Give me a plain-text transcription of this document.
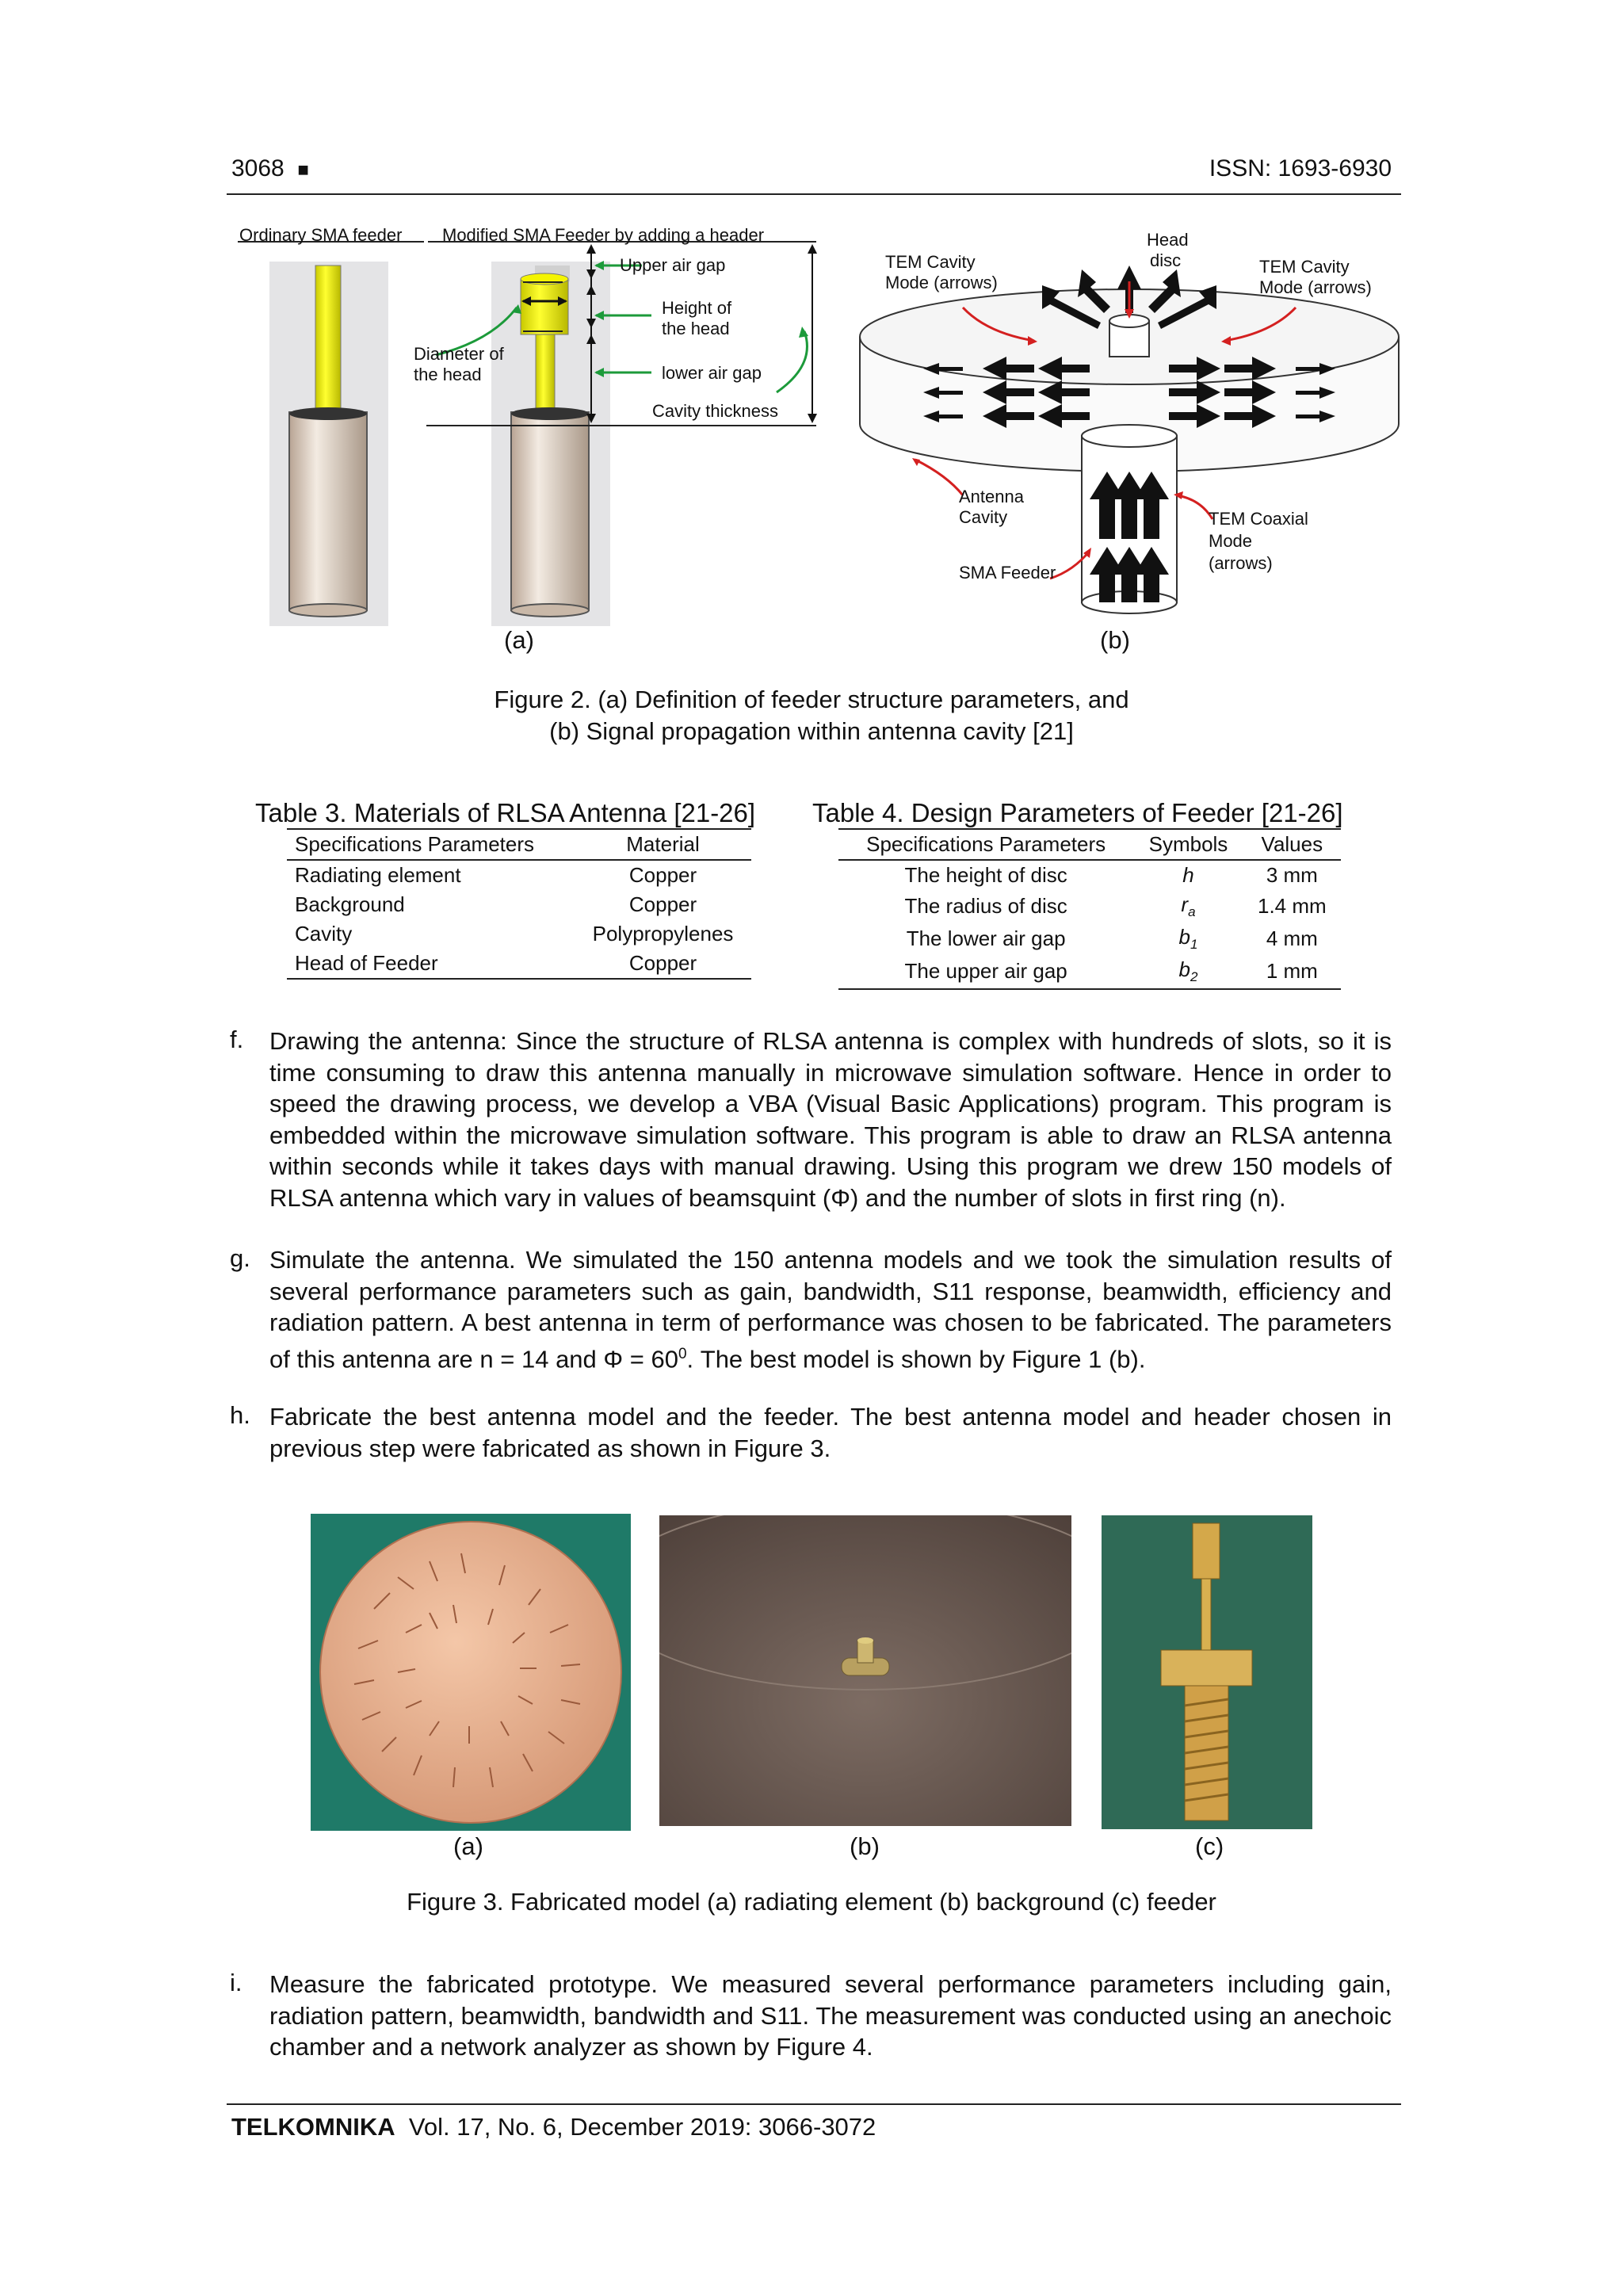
3068 ■	ISSN: 1693-6930
Ordinary SMA feeder Modified SMA Feeder by adding a header
Upper air gap
Height of
the head
Diameter of
the head	lower air gap
Cavity thickness
(a)
TEM Cavity
Mode (arrows)
Head
disc	TEM Cavity
Mode (arrows)
Antenna
Cavity
SMA Feeder
TEM Coaxial
Mode
(arrows)
(b)
Figure 2. (a) Definition of feeder structure parameters, and
(b) Signal propagation within antenna cavity [21]
Table 3. Materials of RLSA Antenna [21-26]
Specifications Parameters	Material
Radiating element	Copper
Background	Copper
Cavity	Polypropylenes
Head of Feeder	Copper
Table 4. Design Parameters of Feeder [21-26]
Specifications Parameters	Symbols	Values
The height of disc	h	3 mm
The radius of disc	$r_a$	1.4 mm
The lower air gap	$b_1$	4 mm
The upper air gap	$b_2$	1 mm
f. Drawing the antenna: Since the structure of RLSA antenna is complex with hundreds of slots, so it is time consuming to draw this antenna manually in microwave simulation software. Hence in order to speed the drawing process, we develop a VBA (Visual Basic Applications) program. This program is embedded within the microwave simulation software. This program is able to draw an RLSA antenna within seconds while it takes days with manual drawing. Using this program we drew 150 models of RLSA antenna which vary in values of beamsquint (Φ) and the number of slots in first ring (n).
g. Simulate the antenna. We simulated the 150 antenna models and we took the simulation results of several performance parameters such as gain, bandwidth, S11 response, beamwidth, efficiency and radiation pattern. A best antenna in term of performance was chosen to be fabricated. The parameters of this antenna are n = 14 and $\Phi = 60^0$. The best model is shown by Figure 1 (b).
h. Fabricate the best antenna model and the feeder. The best antenna model and header chosen in previous step were fabricated as shown in Figure 3.
(a)	(b)	(c)
Figure 3. Fabricated model (a) radiating element (b) background (c) feeder
i. Measure the fabricated prototype. We measured several performance parameters including gain, radiation pattern, beamwidth, bandwidth and S11. The measurement was conducted using an anechoic chamber and a network analyzer as shown by Figure 4.
TELKOMNIKA Vol. 17, No. 6, December 2019: 3066-3072
